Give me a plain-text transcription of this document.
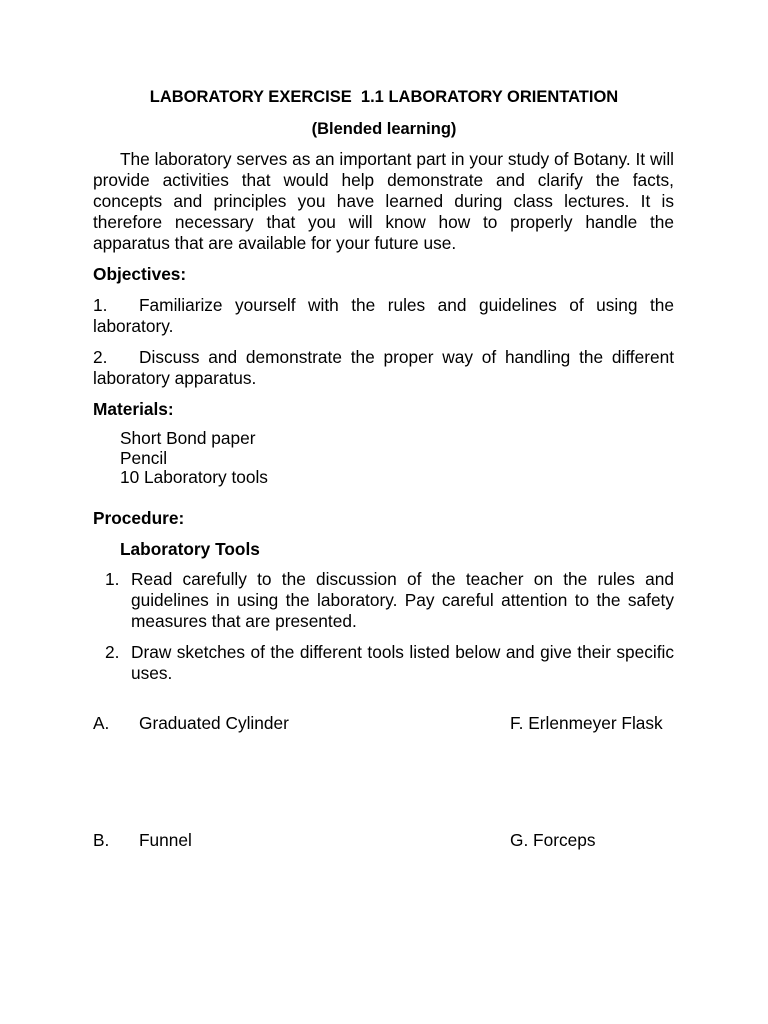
LABORATORY EXERCISE  1.1 LABORATORY ORIENTATION
(Blended learning)

The laboratory serves as an important part in your study of Botany. It will provide activities that would help demonstrate and clarify the facts, concepts and principles you have learned during class lectures. It is therefore necessary that you will know how to properly handle the apparatus that are available for your future use.

Objectives:

1. Familiarize yourself with the rules and guidelines of using the laboratory.

2. Discuss and demonstrate the proper way of handling the different laboratory apparatus.

Materials:

Short Bond paper
Pencil
10 Laboratory tools

Procedure:

Laboratory Tools

1. Read carefully to the discussion of the teacher on the rules and guidelines in using the laboratory. Pay careful attention to the safety measures that are presented.
2. Draw sketches of the different tools listed below and give their specific uses.

A. Graduated Cylinder	F. Erlenmeyer Flask

B. Funnel	G. Forceps
